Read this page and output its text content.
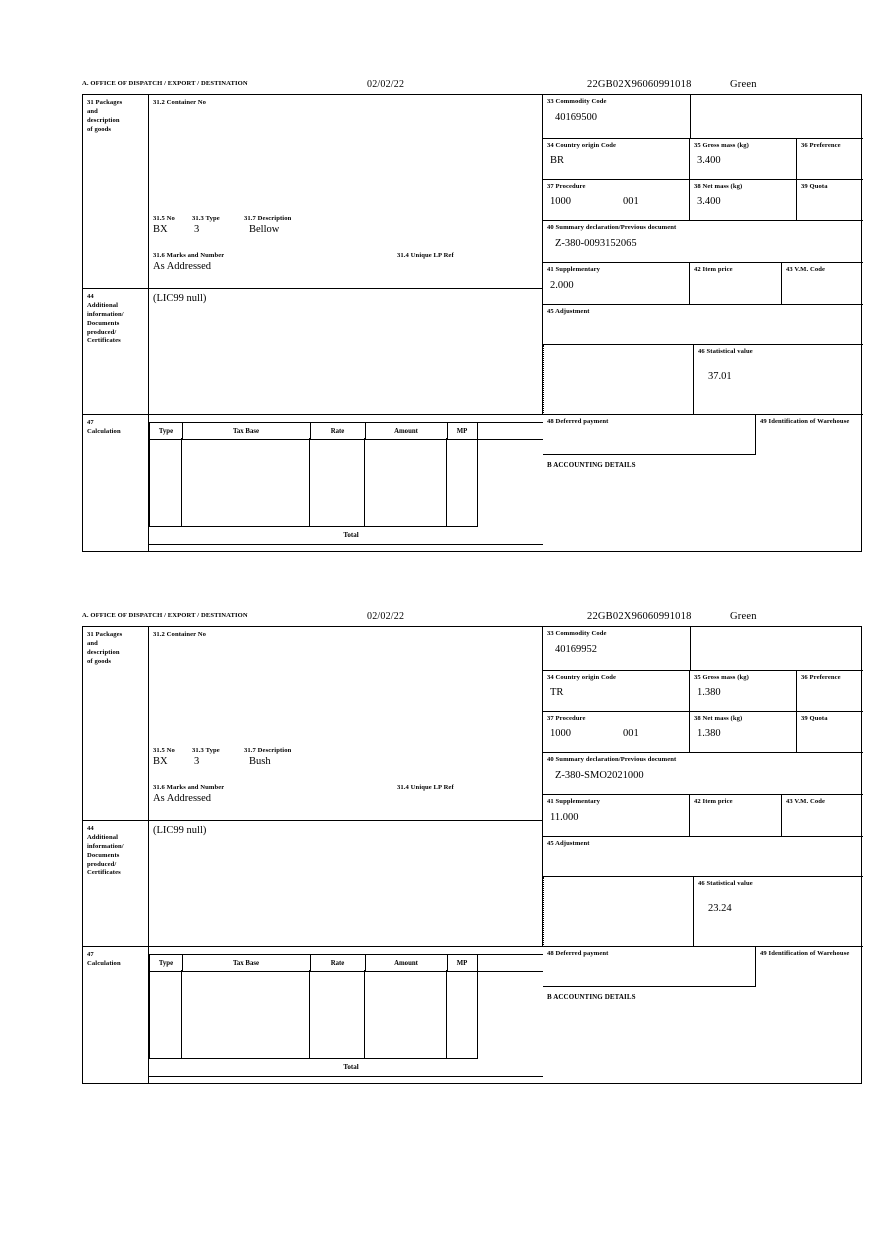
A. OFFICE OF DISPATCH / EXPORT / DESTINATION	02/02/22	22GB02X96060991018	Green
31 Packages
and
description
of goods
31.2 Container No
31.5 No	31.3 Type	31.7 Description
BX	3	Bellow
31.6 Marks and Number
As Addressed
31.4 Unique LP Ref
44
Additional
information/
Documents
produced/
Certificates
(LIC99 null)
47
Calculation	Type	Tax Base	Rate	Amount	MP
Total
33 Commodity Code
40169500
34 Country origin Code
BR
35 Gross mass (kg)
3.400
36 Preference
37 Procedure
1000	001
38 Net mass (kg)
3.400
39 Quota
40 Summary declaration/Previous document
Z-380-0093152065
41 Supplementary
2.000
42 Item price	43 V.M. Code
45 Adjustment
46 Statistical value
37.01
48 Deferred payment	49 Identification of Warehouse
B ACCOUNTING DETAILS
A. OFFICE OF DISPATCH / EXPORT / DESTINATION	02/02/22	22GB02X96060991018	Green
31 Packages
and
description
of goods
31.2 Container No
31.5 No	31.3 Type	31.7 Description
BX	3	Bush
31.6 Marks and Number
As Addressed
31.4 Unique LP Ref
44
Additional
information/
Documents
produced/
Certificates
(LIC99 null)
47
Calculation	Type	Tax Base	Rate	Amount	MP
Total
33 Commodity Code
40169952
34 Country origin Code
TR
35 Gross mass (kg)
1.380
36 Preference
37 Procedure
1000	001
38 Net mass (kg)
1.380
39 Quota
40 Summary declaration/Previous document
Z-380-SMO2021000
41 Supplementary
11.000
42 Item price	43 V.M. Code
45 Adjustment
46 Statistical value
23.24
48 Deferred payment	49 Identification of Warehouse
B ACCOUNTING DETAILS
